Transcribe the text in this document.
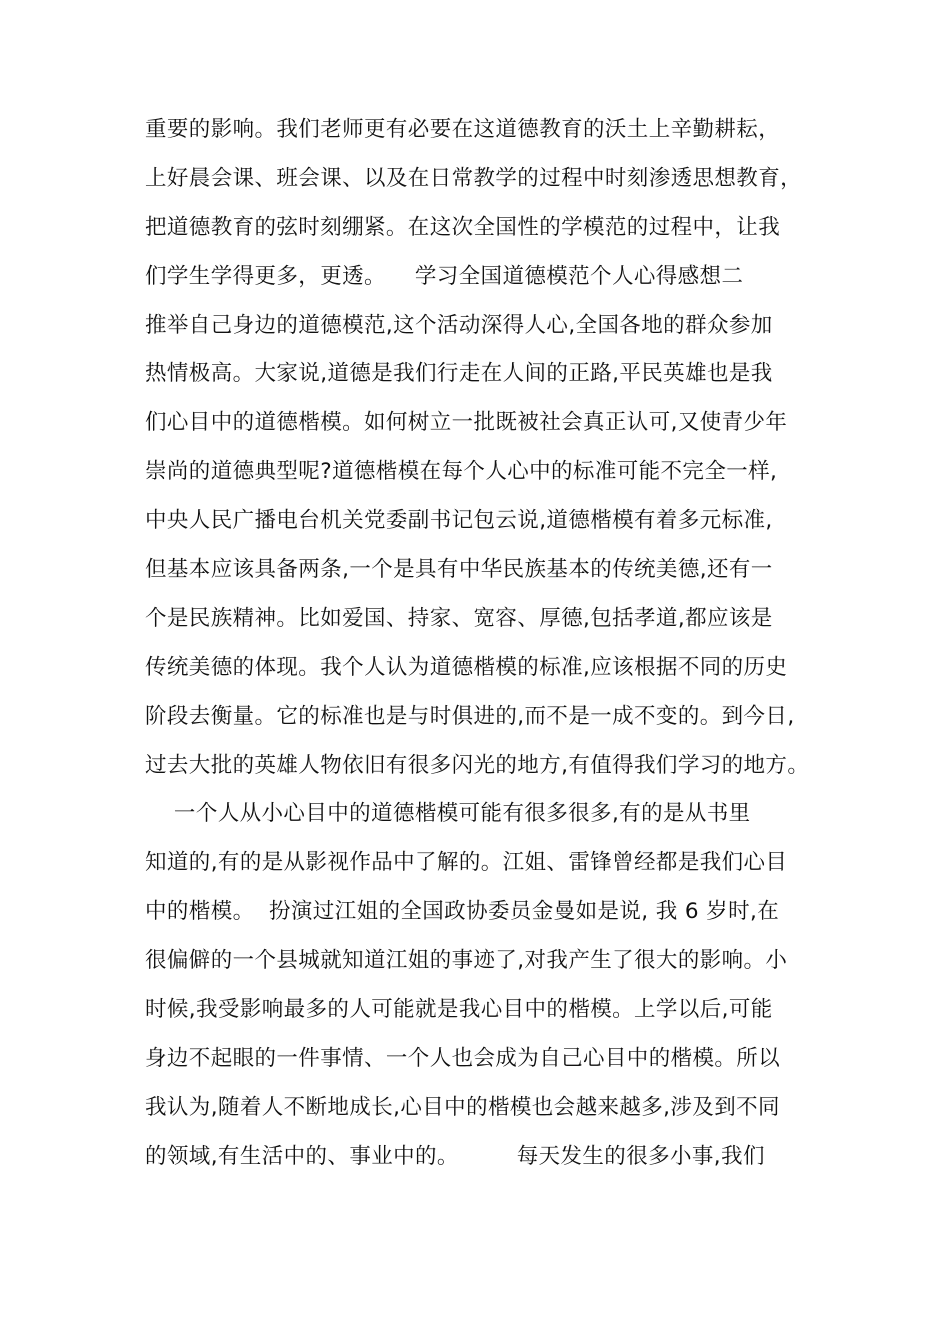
重要的影响。我们老师更有必要在这道德教育的沃土上辛勤耕耘，
上好晨会课、班会课、以及在日常教学的过程中时刻渗透思想教育，
把道德教育的弦时刻绷紧。在这次全国性的学模范的过程中，让我
们学生学得更多，更透。    学习全国道德模范个人心得感想二
推举自己身边的道德模范,这个活动深得人心,全国各地的群众参加
热情极高。大家说,道德是我们行走在人间的正路,平民英雄也是我
们心目中的道德楷模。如何树立一批既被社会真正认可,又使青少年
崇尚的道德典型呢?道德楷模在每个人心中的标准可能不完全一样,
中央人民广播电台机关党委副书记包云说,道德楷模有着多元标准,
但基本应该具备两条,一个是具有中华民族基本的传统美德,还有一
个是民族精神。比如爱国、持家、宽容、厚德,包括孝道,都应该是
传统美德的体现。我个人认为道德楷模的标准,应该根据不同的历史
阶段去衡量。它的标准也是与时俱进的,而不是一成不变的。到今日,
过去大批的英雄人物依旧有很多闪光的地方,有值得我们学习的地方。
一个人从小心目中的道德楷模可能有很多很多,有的是从书里
知道的,有的是从影视作品中了解的。江姐、雷锋曾经都是我们心目
中的楷模。  扮演过江姐的全国政协委员金曼如是说, 我 6 岁时,在
很偏僻的一个县城就知道江姐的事迹了,对我产生了很大的影响。小
时候,我受影响最多的人可能就是我心目中的楷模。上学以后,可能
身边不起眼的一件事情、一个人也会成为自己心目中的楷模。所以
我认为,随着人不断地成长,心目中的楷模也会越来越多,涉及到不同
的领域,有生活中的、事业中的。        每天发生的很多小事,我们
